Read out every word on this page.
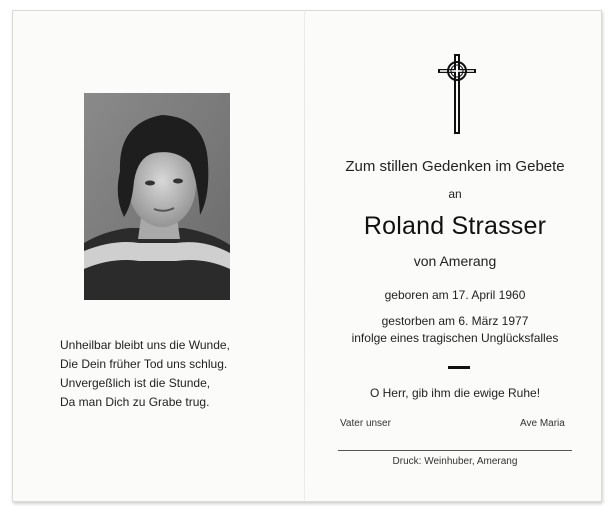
Unheilbar bleibt uns die Wunde,
Die Dein früher Tod uns schlug.
Unvergeßlich ist die Stunde,
Da man Dich zu Grabe trug.
Zum stillen Gedenken im Gebete
an
Roland Strasser
von Amerang
geboren am 17. April 1960
gestorben am 6. März 1977
infolge eines tragischen Unglücksfalles
O Herr, gib ihm die ewige Ruhe!
Vater unser	Ave Maria
Druck: Weinhuber, Amerang
